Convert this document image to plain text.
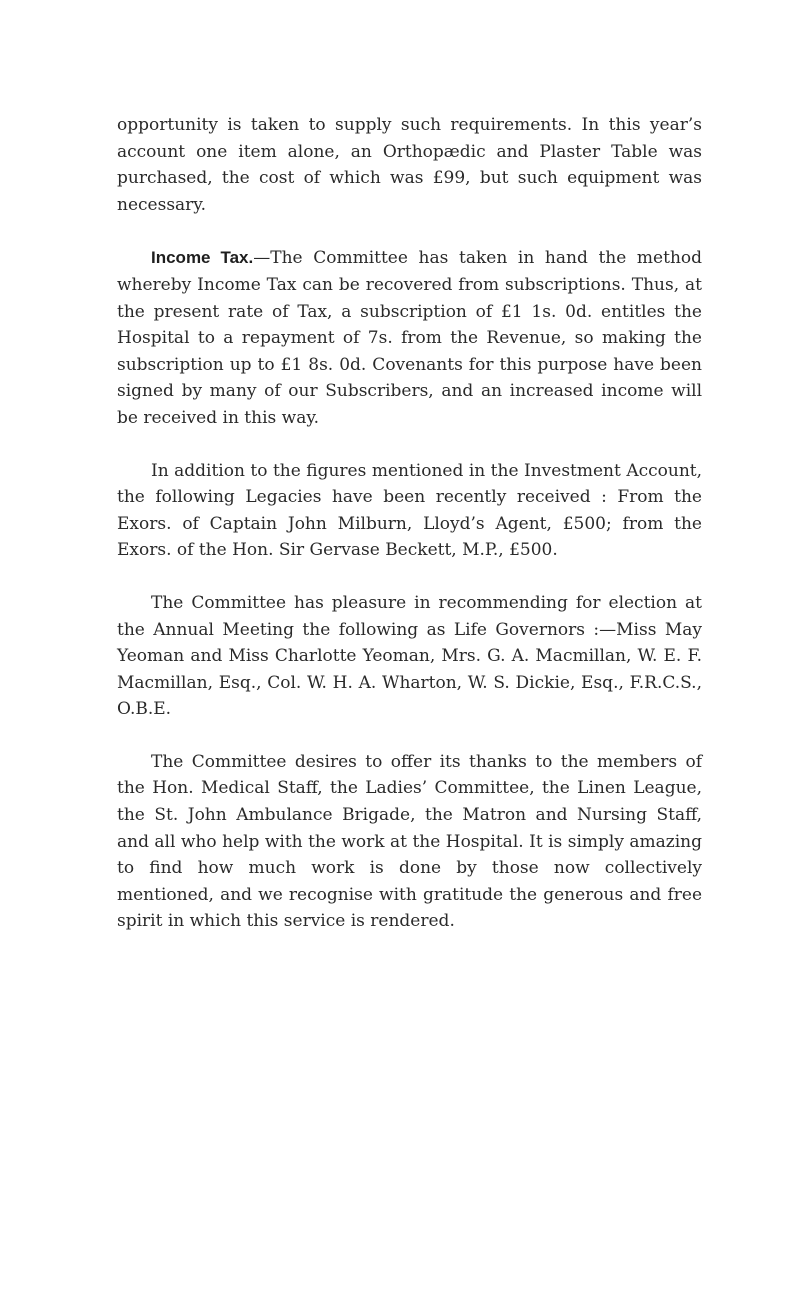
opportunity is taken to supply such requirements. In this year’s account one item alone, an Orthopædic and Plaster Table was purchased, the cost of which was £99, but such equipment was necessary.

Income Tax.—The Committee has taken in hand the method whereby Income Tax can be recovered from subscriptions. Thus, at the present rate of Tax, a subscription of £1 1s. 0d. entitles the Hospital to a repayment of 7s. from the Revenue, so making the subscription up to £1 8s. 0d. Covenants for this purpose have been signed by many of our Subscribers, and an increased income will be received in this way.

In addition to the figures mentioned in the Investment Account, the following Legacies have been recently received : From the Exors. of Captain John Milburn, Lloyd’s Agent, £500; from the Exors. of the Hon. Sir Gervase Beckett, M.P., £500.

The Committee has pleasure in recommending for election at the Annual Meeting the following as Life Governors :—Miss May Yeoman and Miss Charlotte Yeoman, Mrs. G. A. Macmillan, W. E. F. Macmillan, Esq., Col. W. H. A. Wharton, W. S. Dickie, Esq., F.R.C.S., O.B.E.

The Committee desires to offer its thanks to the members of the Hon. Medical Staff, the Ladies’ Committee, the Linen League, the St. John Ambulance Brigade, the Matron and Nursing Staff, and all who help with the work at the Hospital. It is simply amazing to find how much work is done by those now collectively mentioned, and we recognise with gratitude the generous and free spirit in which this service is rendered.
